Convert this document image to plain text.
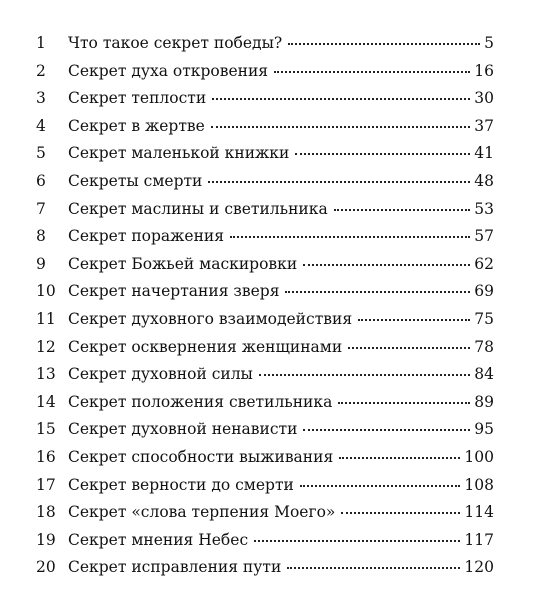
1	Что такое секрет победы?	5
2	Секрет духа откровения	16
3	Секрет теплости	30
4	Секрет в жертве	37
5	Секрет маленькой книжки	41
6	Секреты смерти	48
7	Секрет маслины и светильника	53
8	Секрет поражения	57
9	Секрет Божьей маскировки	62
10 Секрет начертания зверя	69
11 Секрет духовного взаимодействия	75
12 Секрет осквернения женщинами	78
13 Секрет духовной силы	84
14 Секрет положения светильника	89
15 Секрет духовной ненависти	95
16 Секрет способности выживания	100
17 Секрет верности до смерти	108
18 Секрет «слова терпения Моего»	114
19 Секрет мнения Небес	117
20 Секрет исправления пути	120
